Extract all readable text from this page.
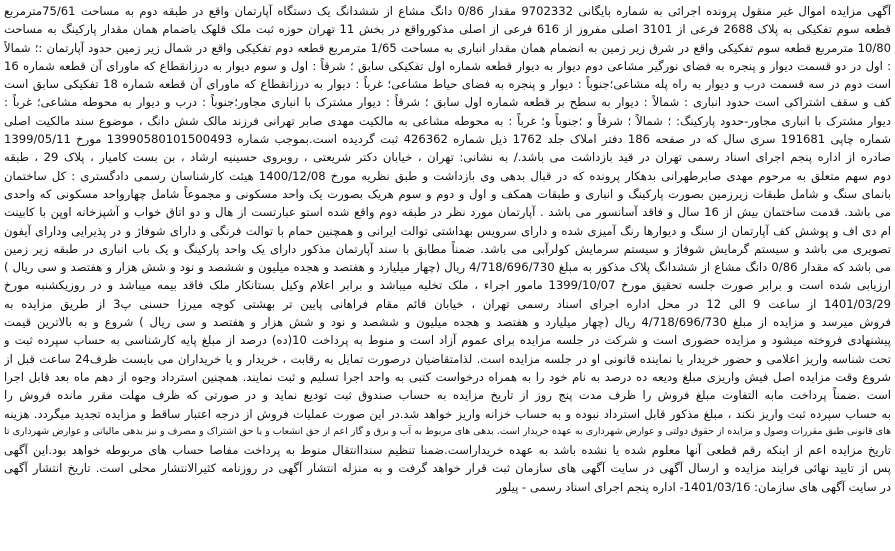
آگهی مزایده اموال غیر منقول پرونده اجرائی به شماره بایگانی 9702332 مقدار 0/86 دانگ مشاع از ششدانگ یک دستگاه آپارتمان واقع در طبقه دوم به مساحت 75/61مترمربع
قطعه سوم تفکیکی به پلاک 2688 فرعی از 3101 اصلی مفروز از 616 فرعی از اصلی مذکورواقع در بخش 11 تهران حوزه ثبت ملک قلهک باضمام همان مقدار پارکینگ به مساحت
10/80 مترمربع قطعه سوم تفکیکی واقع در شرق زیر زمین به انضمام همان مقدار انباری به مساحت 1/65 مترمربع قطعه دوم تفکیکی واقع در شمال زیر زمین حدود آپارتمان :؛ شمالاً
: اول در دو قسمت دیوار و پنجره به فضای نورگیر مشاعی دوم دیوار به دیوار قطعه شماره اول تفکیکی سابق ؛ شرقاً : اول و سوم دیوار به درزانقطاع که ماورای آن قطعه شماره 16
است دوم در سه قسمت درب و دیوار به راه پله مشاعی؛جنوباً : دیوار و پنجره به فضای حیاط مشاعی؛ غرباً : دیوار به درزانقطاع که ماورای آن قطعه شماره 18 تفکیکی سابق است
کف و سقف اشتراکی است حدود انباری : شمالاً : دیوار به سطح بر قطعه شماره اول سابق ؛ شرقاً : دیوار مشترک با انباری مجاور؛جنوباً : درب و دیوار به محوطه مشاعی؛ غرباً :
دیوار مشترک با انباری مجاور-حدود پارکینگ: ؛ شمالاً ؛ شرقاً و ؛جنوباً و؛ غرباً : به محوطه مشاعی به مالکیت مهدی صابر تهرانی فرزند مالک شش دانگ ، موضوع سند مالکیت اصلی
شماره چاپی 191681 سری سال که در صفحه 186 دفتر املاک جلد 1762 ذیل شماره 426362 ثبت گردیده است.بموجب شماره 13990580101500493 مورخ 1399/05/11
صادره از اداره پنجم اجرای اسناد رسمی تهران در قید بازداشت می باشد./ به نشانی: تهران ، خیابان دکتر شریعتی ، روبروی حسینیه ارشاد ، بن بست کامیار ، پلاک 29 ، طبقه
دوم سهم متعلق به مرحوم مهدی صابرطهرانی بدهکار پرونده که در قبال بدهی وی بازداشت و طبق نظریه مورخ 1400/12/08 هیئت کارشناسان رسمی دادگستری : کل ساختمان
بانمای سنگ و شامل طبقات زیرزمین بصورت پارکینگ و انباری و طبقات همکف و اول و دوم و سوم هریک بصورت یک واحد مسکونی و مجموعاً شامل چهارواحد مسکونی که واحدی
می باشد. قدمت ساختمان بیش از 16 سال و فاقد آسانسور می باشد . آپارتمان مورد نظر در طبقه دوم واقع شده استو عبارتست از هال و دو اتاق خواب و آشپزخانه اوپن با کابینت
ام دی اف و پوشش کف آپارتمان از سنگ و دیوارها رنگ آمیزی شده و دارای سرویس بهداشتی توالت ایرانی و همچنین حمام با توالت فرنگی و دارای شوفاژ و در پذیرایی ودارای آیفون
تصویری می باشد و سیستم گرمایش شوفاژ و سیستم سرمایش کولرآبی می باشد. ضمناً مطابق با سند آپارتمان مذکور دارای یک واحد پارکینگ و یک باب انباری در طبقه زیر زمین
می باشد که مقدار 0/86 دانگ مشاع از ششدانگ پلاک مذکور به مبلغ 4/718/696/730 ریال (چهار میلیارد و هفتصد و هجده میلیون و ششصد و نود و شش هزار و هفتصد و سی ریال )
ارزیابی شده است و برابر صورت جلسه تحقیق مورخ 1399/10/07 مامور اجراء ، ملک تخلیه میباشد و برابر اعلام وکیل بستانکار ملک فاقد بیمه میباشد و در روزیکشنبه مورخ
1401/03/29 از ساعت 9 الی 12 در محل اداره اجرای اسناد رسمی تهران ، خیابان قائم مقام فراهانی پایین تر بهشتی کوچه میرزا حسنی پ3 از طریق مزایده به
فروش میرسد و مزایده از مبلغ 4/718/696/730 ریال (چهار میلیارد و هفتصد و هجده میلیون و ششصد و نود و شش هزار و هفتصد و سی ریال ) شروع و به بالاترین قیمت
پیشنهادی فروخته میشود و مزایده حضوری است و شرکت در جلسه مزایده برای عموم آزاد است و منوط به پرداخت 10(ده) درصد از مبلغ پایه کارشناسی به حساب سپرده ثبت و
تحت شناسه واریز اعلامی و حضور خریدار یا نماینده قانونی او در جلسه مزایده است. لذامتقاضیان درصورت تمایل به رقابت ، خریدار و یا خریداران می بایست ظرف24 ساعت قبل از
شروع وقت مزایده اصل فیش واریزی مبلغ ودیعه ده درصد به نام خود را به همراه درخواست کتبی به واحد اجرا تسلیم و ثبت نمایند. همچنین استرداد وجوه از دهم ماه بعد قابل اجرا
است .ضمناً پرداخت مابه التفاوت مبلغ فروش را ظرف مدت پنج روز از تاریخ مزایده به حساب صندوق ثبت تودیع نماید و در صورتی که ظرف مهلت مقرر مانده فروش را
به حساب سپرده ثبت واریز نکند ، مبلغ مذکور قابل استرداد نبوده و به حساب خزانه واریز خواهد شد.در این صورت عملیات فروش از درجه اعتبار ساقط و مزایده تجدید میگردد. هزینه
های قانونی طبق مقررات وصول و مزایده از حقوق دولتی و عوارض شهرداری به عهده خریدار است. بدهی های مربوط به آب و برق و گاز اعم از حق انشعاب و یا حق اشتراک و مصرف و نیز بدهی مالیاتی و عوارض شهرداری تا
تاریخ مزایده اعم از اینکه رقم قطعی آنها معلوم شده یا نشده باشد به عهده خریداراست.ضمنا تنظیم سنداانتقال منوط به پرداخت مفاصا حساب های مربوطه خواهد بود.این آگهی
پس از تایید نهائی فرایند مزایده و ارسال آگهی در سایت آگهی های سازمان ثبت قرار خواهد گرفت و به منزله انتشار آگهی در روزنامه کثیرالانتشار محلی است. تاریخ انتشار آگهی
در سایت آگهی های سازمان: 1401/03/16- اداره پنجم اجرای اسناد رسمی - پیلور
